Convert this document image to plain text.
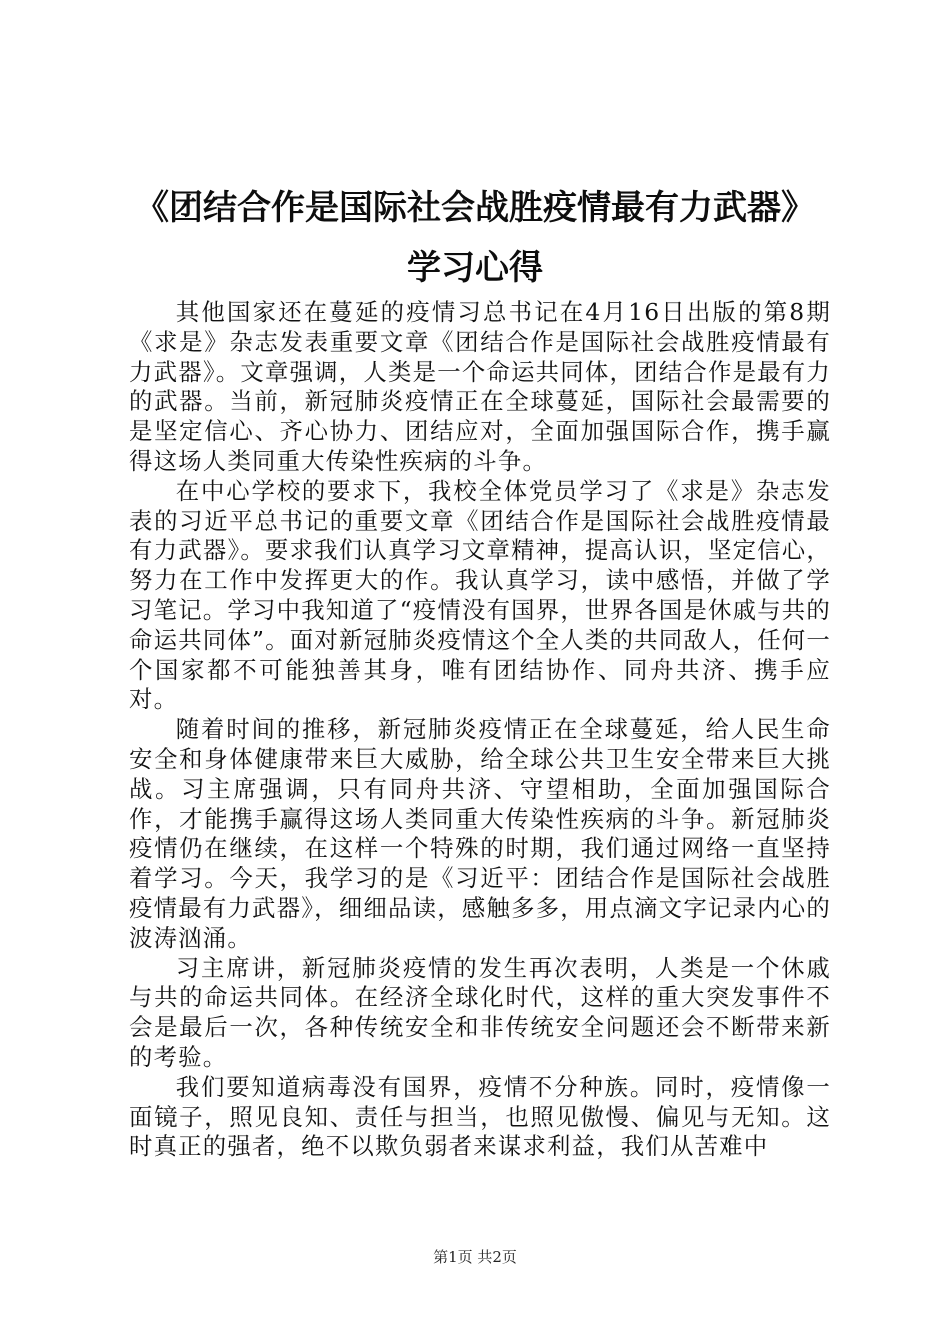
《团结合作是国际社会战胜疫情最有力武器》
学习心得

其他国家还在蔓延的疫情习总书记在4月16日出版的第8期《求是》杂志发表重要文章《团结合作是国际社会战胜疫情最有力武器》。文章强调，人类是一个命运共同体，团结合作是最有力的武器。当前，新冠肺炎疫情正在全球蔓延，国际社会最需要的是坚定信心、齐心协力、团结应对，全面加强国际合作，携手赢得这场人类同重大传染性疾病的斗争。

在中心学校的要求下，我校全体党员学习了《求是》杂志发表的习近平总书记的重要文章《团结合作是国际社会战胜疫情最有力武器》。要求我们认真学习文章精神，提高认识，坚定信心，努力在工作中发挥更大的作。我认真学习，读中感悟，并做了学习笔记。学习中我知道了“疫情没有国界，世界各国是休戚与共的命运共同体”。面对新冠肺炎疫情这个全人类的共同敌人，任何一个国家都不可能独善其身，唯有团结协作、同舟共济、携手应对。

随着时间的推移，新冠肺炎疫情正在全球蔓延，给人民生命安全和身体健康带来巨大威胁，给全球公共卫生安全带来巨大挑战。习主席强调，只有同舟共济、守望相助，全面加强国际合作，才能携手赢得这场人类同重大传染性疾病的斗争。新冠肺炎疫情仍在继续，在这样一个特殊的时期，我们通过网络一直坚持着学习。今天，我学习的是《习近平：团结合作是国际社会战胜疫情最有力武器》，细细品读，感触多多，用点滴文字记录内心的波涛汹涌。

习主席讲，新冠肺炎疫情的发生再次表明，人类是一个休戚与共的命运共同体。在经济全球化时代，这样的重大突发事件不会是最后一次，各种传统安全和非传统安全问题还会不断带来新的考验。

我们要知道病毒没有国界，疫情不分种族。同时，疫情像一面镜子，照见良知、责任与担当，也照见傲慢、偏见与无知。这时真正的强者，绝不以欺负弱者来谋求利益，我们从苦难中

第1页 共2页
